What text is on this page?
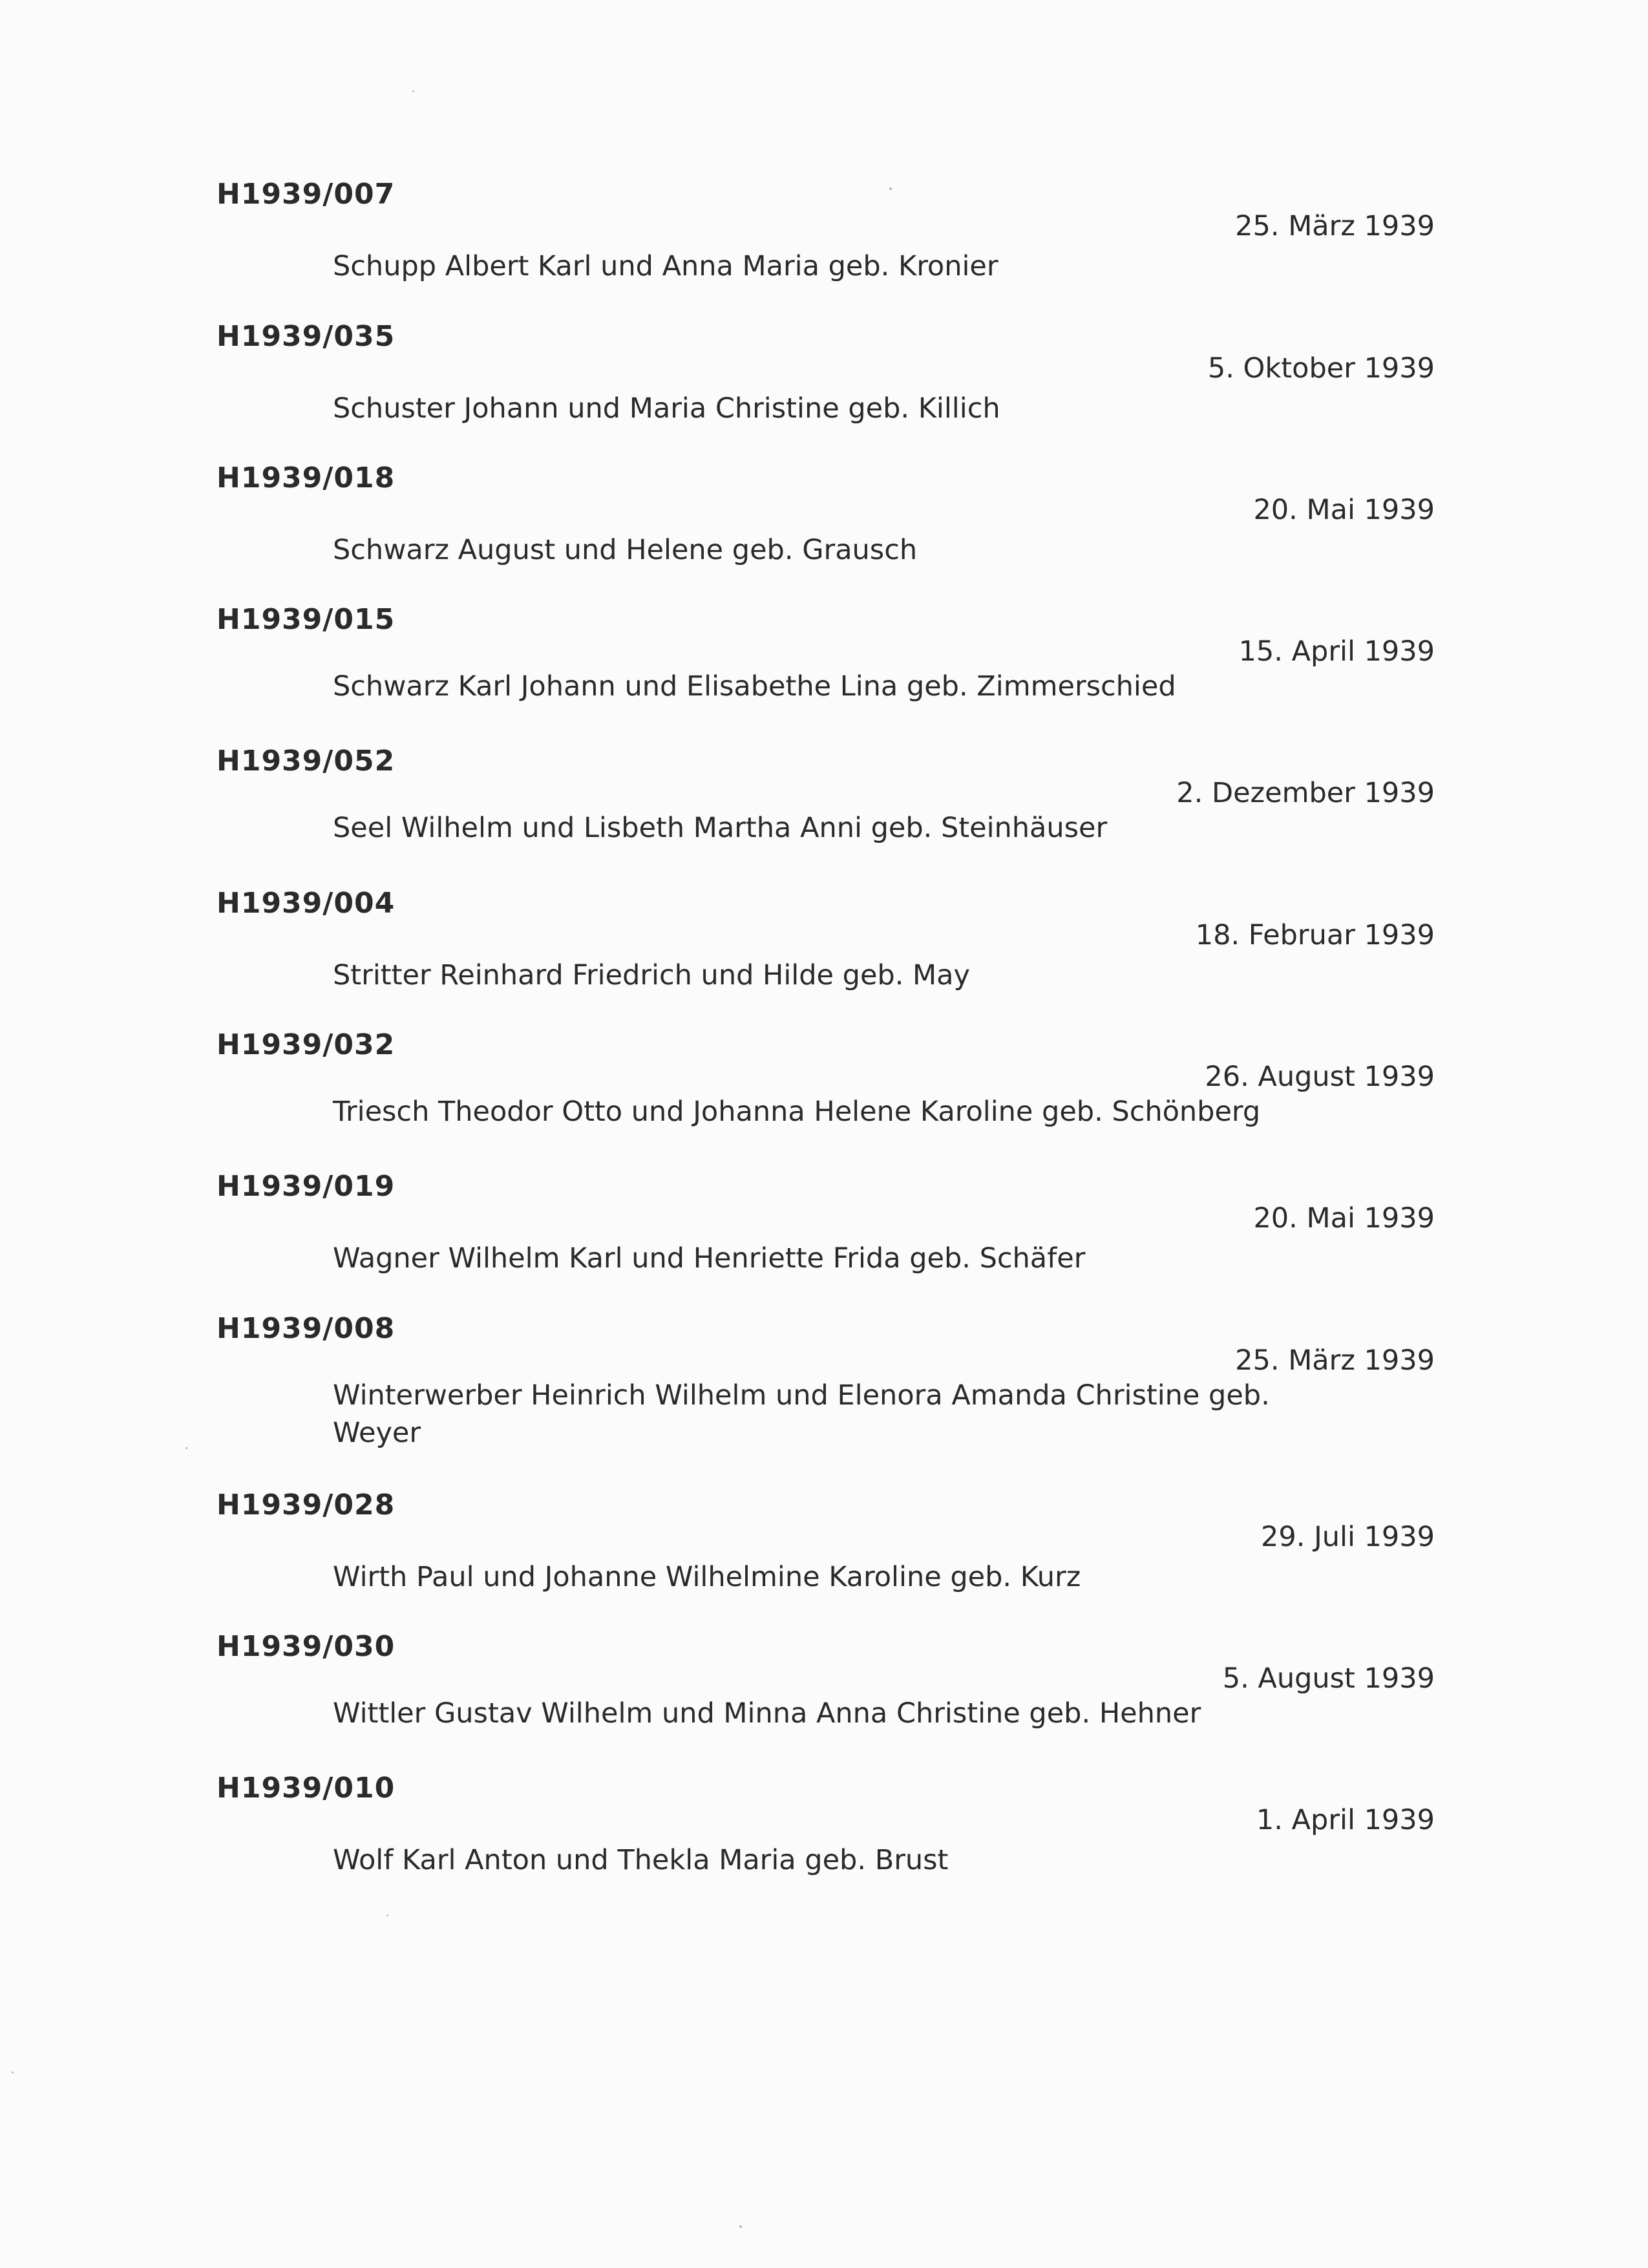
H1939/007
25. März 1939
Schupp Albert Karl und Anna Maria geb. Kronier
H1939/035
5. Oktober 1939
Schuster Johann und Maria Christine geb. Killich
H1939/018
20. Mai 1939
Schwarz August und Helene geb. Grausch
H1939/015
15. April 1939
Schwarz Karl Johann und Elisabethe Lina geb. Zimmerschied
H1939/052
2. Dezember 1939
Seel Wilhelm und Lisbeth Martha Anni geb. Steinhäuser
H1939/004
18. Februar 1939
Stritter Reinhard Friedrich und Hilde geb. May
H1939/032
26. August 1939
Triesch Theodor Otto und Johanna Helene Karoline geb. Schönberg
H1939/019
20. Mai 1939
Wagner Wilhelm Karl und Henriette Frida geb. Schäfer
H1939/008
25. März 1939
Winterwerber Heinrich Wilhelm und Elenora Amanda Christine geb. Weyer
H1939/028
29. Juli 1939
Wirth Paul und Johanne Wilhelmine Karoline geb. Kurz
H1939/030
5. August 1939
Wittler Gustav Wilhelm und Minna Anna Christine geb. Hehner
H1939/010
1. April 1939
Wolf Karl Anton und Thekla Maria geb. Brust
